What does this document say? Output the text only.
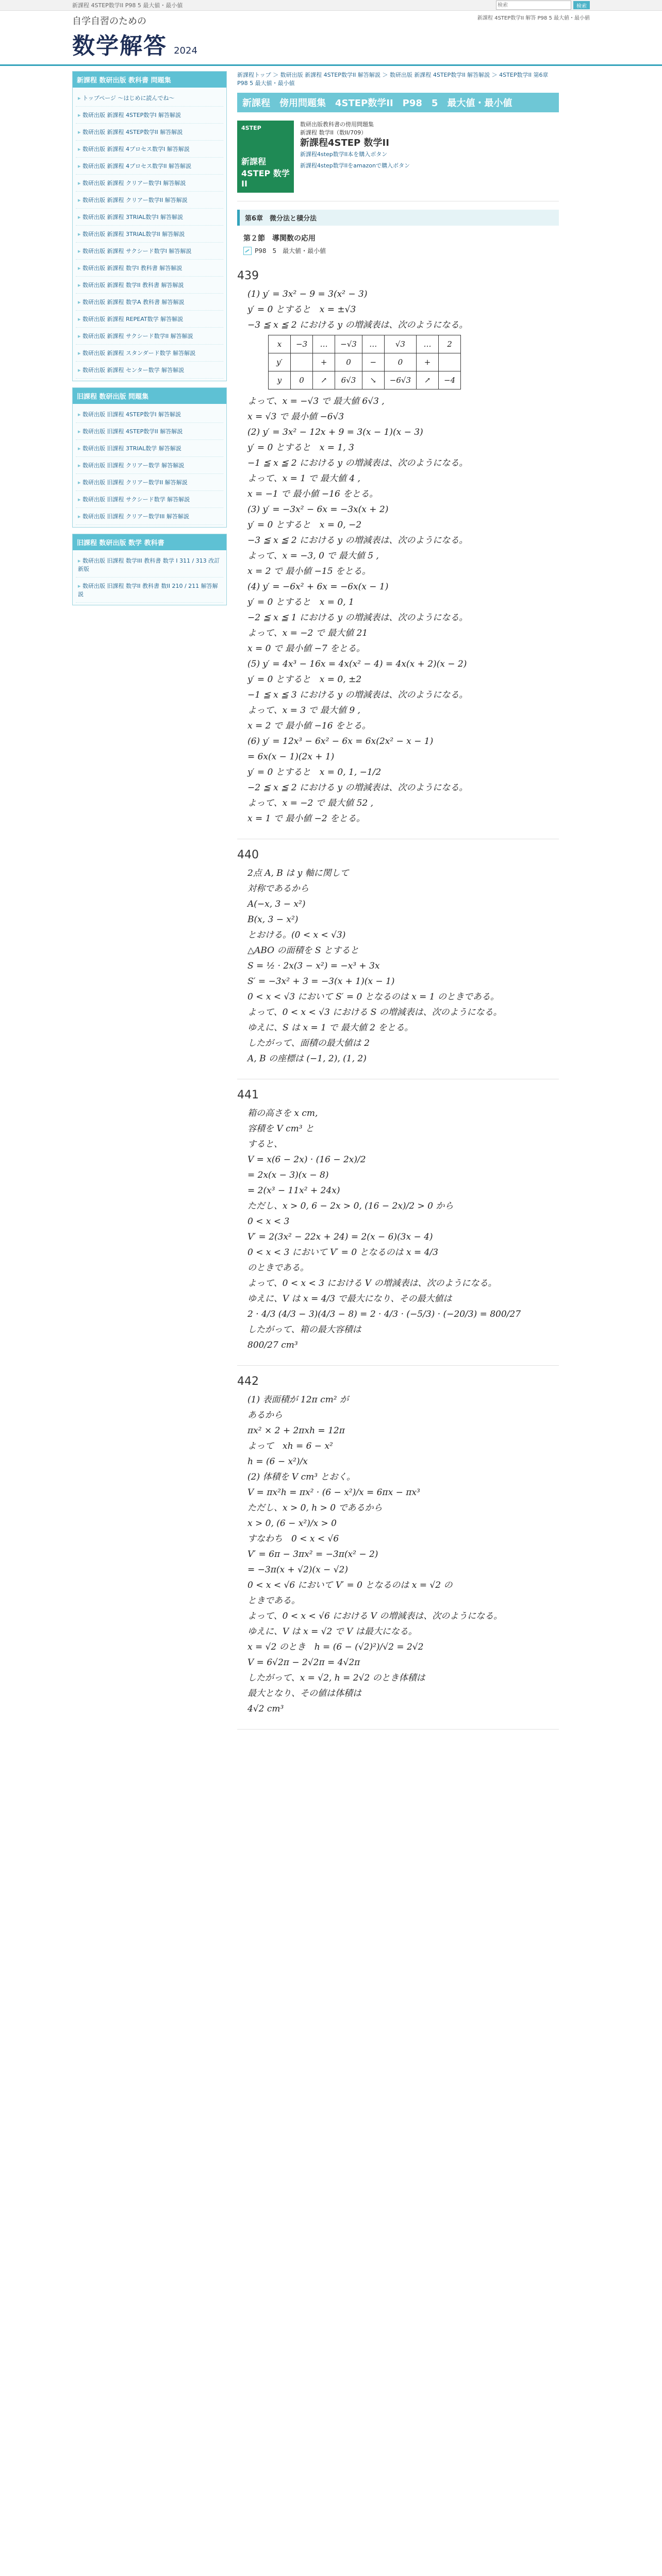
新課程 4STEP数学II P98 5 最大値・最小値
検索	検索
自学自習のための
数学解答 2024
新課程 4STEP数学II 解答 P98 5 最大値・最小値
新課程 数研出版 教科書 問題集
▸ トップページ ～はじめに読んでね～
▸ 数研出版 新課程 4STEP数学I 解答解説
▸ 数研出版 新課程 4STEP数学II 解答解説
▸ 数研出版 新課程 4プロセス数学I 解答解説
▸ 数研出版 新課程 4プロセス数学II 解答解説
▸ 数研出版 新課程 クリアー数学I 解答解説
▸ 数研出版 新課程 クリアー数学II 解答解説
▸ 数研出版 新課程 3TRIAL数学I 解答解説
▸ 数研出版 新課程 3TRIAL数学II 解答解説
▸ 数研出版 新課程 サクシード数学I 解答解説
▸ 数研出版 新課程 数学I 教科書 解答解説
▸ 数研出版 新課程 数学II 教科書 解答解説
▸ 数研出版 新課程 数学A 教科書 解答解説
▸ 数研出版 新課程 REPEAT数学 解答解説
▸ 数研出版 新課程 サクシード数学II 解答解説
▸ 数研出版 新課程 スタンダード数学 解答解説
▸ 数研出版 新課程 センター数学 解答解説
旧課程 数研出版 問題集
▸ 数研出版 旧課程 4STEP数学I 解答解説
▸ 数研出版 旧課程 4STEP数学II 解答解説
▸ 数研出版 旧課程 3TRIAL数学 解答解説
▸ 数研出版 旧課程 クリアー数学 解答解説
▸ 数研出版 旧課程 クリアー数学II 解答解説
▸ 数研出版 旧課程 サクシード数学 解答解説
▸ 数研出版 旧課程 クリアー数学III 解答解説
旧課程 数研出版 数学 教科書
▸ 数研出版 旧課程 数学III 教科書 数学 I 311 / 313 改訂新版
▸ 数研出版 旧課程 数学II 教科書 数II 210 / 211 解答解説
新課程トップ ＞ 数研出版 新課程 4STEP数学II 解答解説 ＞ 数研出版 新課程 4STEP数学II 解答解説 ＞ 4STEP数学II 第6章 P98 5 最大値・最小値
新課程　傍用問題集　4STEP数学II　P98　5　最大値・最小値
4STEP
新課程 4STEP 数学II
数研出版教科書の傍用問題集
新課程 数学II（数II/709）
新課程4STEP 数学II
新課程4step数学II本を購入ボタン
新課程4step数学IIをamazonで購入ボタン
第6章　微分法と積分法
第２節　導関数の応用
P98　5　最大値・最小値
439
(1) y′ = 3x² − 9 = 3(x² − 3)
y′ = 0 とすると　x = ±√3
−3 ≦ x ≦ 2 における y の増減表は、次のようになる。
x	−3	…	−√3	…	√3	…	2
y′		+	0	−	0	+	
y	0	↗	6√3	↘	−6√3	↗	−4
よって、x = −√3 で 最大値 6√3 ,
x = √3 で 最小値 −6√3
(2) y′ = 3x² − 12x + 9 = 3(x − 1)(x − 3)
y′ = 0 とすると　x = 1, 3
−1 ≦ x ≦ 2 における y の増減表は、次のようになる。
よって、x = 1 で 最大値 4 ,
x = −1 で 最小値 −16 をとる。
(3) y′ = −3x² − 6x = −3x(x + 2)
y′ = 0 とすると　x = 0, −2
−3 ≦ x ≦ 2 における y の増減表は、次のようになる。
よって、x = −3, 0 で 最大値 5 ,
x = 2 で 最小値 −15 をとる。
(4) y′ = −6x² + 6x = −6x(x − 1)
y′ = 0 とすると　x = 0, 1
−2 ≦ x ≦ 1 における y の増減表は、次のようになる。
よって、x = −2 で 最大値 21
x = 0 で 最小値 −7 をとる。
(5) y′ = 4x³ − 16x = 4x(x² − 4) = 4x(x + 2)(x − 2)
y′ = 0 とすると　x = 0, ±2
−1 ≦ x ≦ 3 における y の増減表は、次のようになる。
よって、x = 3 で 最大値 9 ,
x = 2 で 最小値 −16 をとる。
(6) y′ = 12x³ − 6x² − 6x = 6x(2x² − x − 1)
= 6x(x − 1)(2x + 1)
y′ = 0 とすると　x = 0, 1, −1/2
−2 ≦ x ≦ 2 における y の増減表は、次のようになる。
よって、x = −2 で 最大値 52 ,
x = 1 で 最小値 −2 をとる。
440
2点 A, B は y 軸に関して
対称であるから
A(−x, 3 − x²)
B(x, 3 − x²)
とおける。(0 < x < √3)
△ABO の面積を S とすると
S = ½ · 2x(3 − x²) = −x³ + 3x
S′ = −3x² + 3 = −3(x + 1)(x − 1)
0 < x < √3 において S′ = 0 となるのは x = 1 のときである。
よって、0 < x < √3 における S の増減表は、次のようになる。
ゆえに、S は x = 1 で 最大値 2 をとる。
したがって、面積の最大値は 2
A, B の座標は (−1, 2), (1, 2)
441
箱の高さを x cm,
容積を V cm³ と
すると、
V = x(6 − 2x) · (16 − 2x)/2
= 2x(x − 3)(x − 8)
= 2(x³ − 11x² + 24x)
ただし、x > 0, 6 − 2x > 0, (16 − 2x)/2 > 0 から
0 < x < 3
V′ = 2(3x² − 22x + 24) = 2(x − 6)(3x − 4)
0 < x < 3 において V′ = 0 となるのは x = 4/3
のときである。
よって、0 < x < 3 における V の増減表は、次のようになる。
ゆえに、V は x = 4/3 で最大になり、その最大値は
2 · 4/3 (4/3 − 3)(4/3 − 8) = 2 · 4/3 · (−5/3) · (−20/3) = 800/27
したがって、箱の最大容積は
800/27 cm³
442
(1) 表面積が 12π cm² が
あるから
πx² × 2 + 2πxh = 12π
よって　xh = 6 − x²
h = (6 − x²)/x
(2) 体積を V cm³ とおく。
V = πx²h = πx² · (6 − x²)/x = 6πx − πx³
ただし、x > 0, h > 0 であるから
x > 0, (6 − x²)/x > 0
すなわち　0 < x < √6
V′ = 6π − 3πx² = −3π(x² − 2)
= −3π(x + √2)(x − √2)
0 < x < √6 において V′ = 0 となるのは x = √2 の
ときである。
よって、0 < x < √6 における V の増減表は、次のようになる。
ゆえに、V は x = √2 で V は最大になる。
x = √2 のとき　h = (6 − (√2)²)/√2 = 2√2
V = 6√2π − 2√2π = 4√2π
したがって、x = √2, h = 2√2 のとき体積は
最大となり、その値は体積は
4√2 cm³
